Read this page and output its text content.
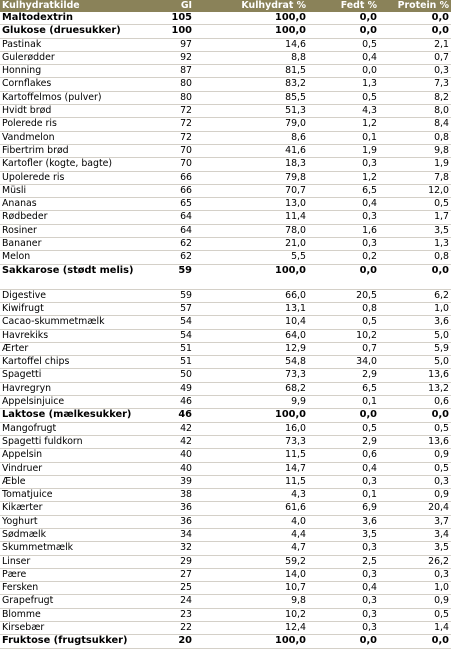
Kulhydratkilde	GI	Kulhydrat %	Fedt %	Protein %
Maltodextrin	105	100,0	0,0	0,0
Glukose (druesukker)	100	100,0	0,0	0,0
Pastinak	97	14,6	0,5	2,1
Gulerødder	92	8,8	0,4	0,7
Honning	87	81,5	0,0	0,3
Cornflakes	80	83,2	1,3	7,3
Kartoffelmos (pulver)	80	85,5	0,5	8,2
Hvidt brød	72	51,3	4,3	8,0
Polerede ris	72	79,0	1,2	8,4
Vandmelon	72	8,6	0,1	0,8
Fibertrim brød	70	41,6	1,9	9,8
Kartofler (kogte, bagte)	70	18,3	0,3	1,9
Upolerede ris	66	79,8	1,2	7,8
Müsli	66	70,7	6,5	12,0
Ananas	65	13,0	0,4	0,5
Rødbeder	64	11,4	0,3	1,7
Rosiner	64	78,0	1,6	3,5
Bananer	62	21,0	0,3	1,3
Melon	62	5,5	0,2	0,8
Sakkarose (stødt melis)	59	100,0	0,0	0,0
Digestive	59	66,0	20,5	6,2
Kiwifrugt	57	13,1	0,8	1,0
Cacao-skummetmælk	54	10,4	0,5	3,6
Havrekiks	54	64,0	10,2	5,0
Ærter	51	12,9	0,7	5,9
Kartoffel chips	51	54,8	34,0	5,0
Spagetti	50	73,3	2,9	13,6
Havregryn	49	68,2	6,5	13,2
Appelsinjuice	46	9,9	0,1	0,6
Laktose (mælkesukker)	46	100,0	0,0	0,0
Mangofrugt	42	16,0	0,5	0,5
Spagetti fuldkorn	42	73,3	2,9	13,6
Appelsin	40	11,5	0,6	0,9
Vindruer	40	14,7	0,4	0,5
Æble	39	11,5	0,3	0,3
Tomatjuice	38	4,3	0,1	0,9
Kikærter	36	61,6	6,9	20,4
Yoghurt	36	4,0	3,6	3,7
Sødmælk	34	4,4	3,5	3,4
Skummetmælk	32	4,7	0,3	3,5
Linser	29	59,2	2,5	26,2
Pære	27	14,0	0,3	0,3
Fersken	25	10,7	0,4	1,0
Grapefrugt	24	9,8	0,3	0,9
Blomme	23	10,2	0,3	0,5
Kirsebær	22	12,4	0,3	1,4
Fruktose (frugtsukker)	20	100,0	0,0	0,0
